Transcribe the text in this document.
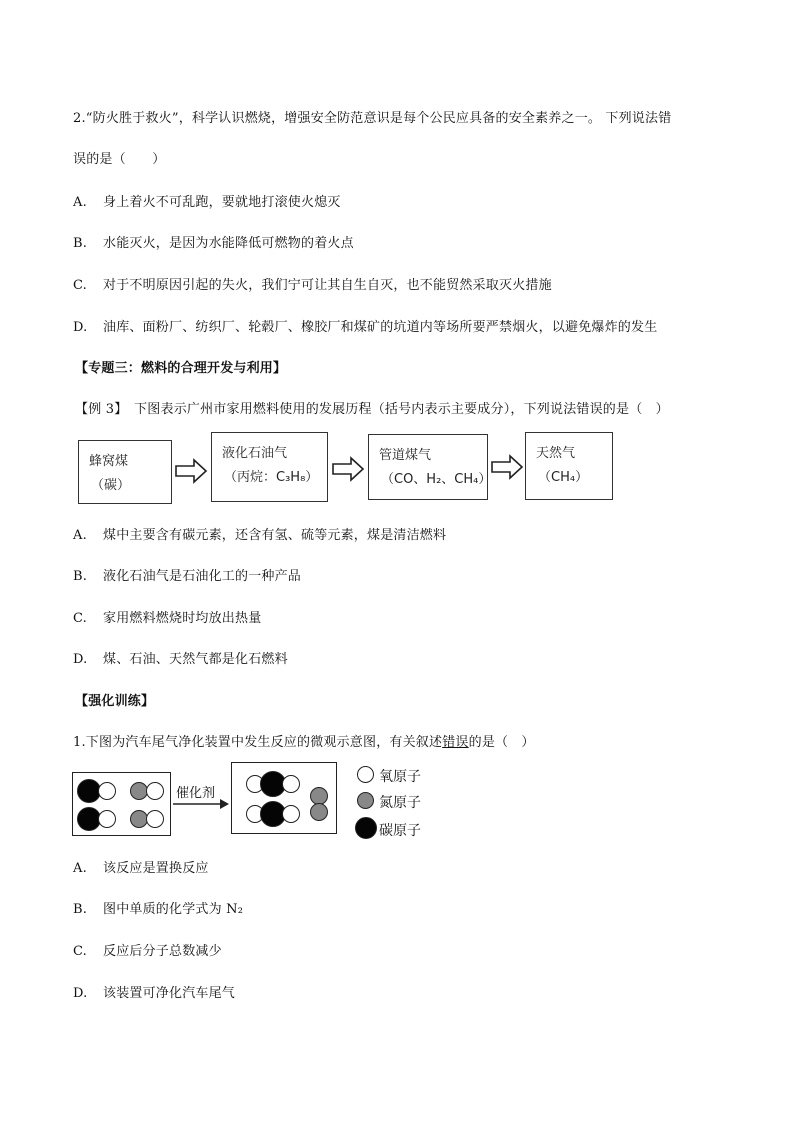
2.“防火胜于救火”，科学认识燃烧，增强安全防范意识是每个公民应具备的安全素养之一。 下列说法错
误的是（　　）
A. 身上着火不可乱跑，要就地打滚使火熄灭
B. 水能灭火，是因为水能降低可燃物的着火点
C. 对于不明原因引起的失火，我们宁可让其自生自灭，也不能贸然采取灭火措施
D. 油库、面粉厂、纺织厂、轮毂厂、橡胶厂和煤矿的坑道内等场所要严禁烟火，以避免爆炸的发生
【专题三：燃料的合理开发与利用】
【例 3】　下图表示广州市家用燃料使用的发展历程（括号内表示主要成分），下列说法错误的是（　）
蜂窝煤
（碳）
液化石油气
（丙烷：C₃H₈）
管道煤气
（CO、H₂、CH₄）
天然气
（CH₄）
A. 煤中主要含有碳元素，还含有氢、硫等元素，煤是清洁燃料
B. 液化石油气是石油化工的一种产品
C. 家用燃料燃烧时均放出热量
D. 煤、石油、天然气都是化石燃料
【强化训练】
1.下图为汽车尾气净化装置中发生反应的微观示意图，有关叙述错误的是（　）
催化剂
氧原子
氮原子
碳原子
A. 该反应是置换反应
B. 图中单质的化学式为 N₂
C. 反应后分子总数减少
D. 该装置可净化汽车尾气
